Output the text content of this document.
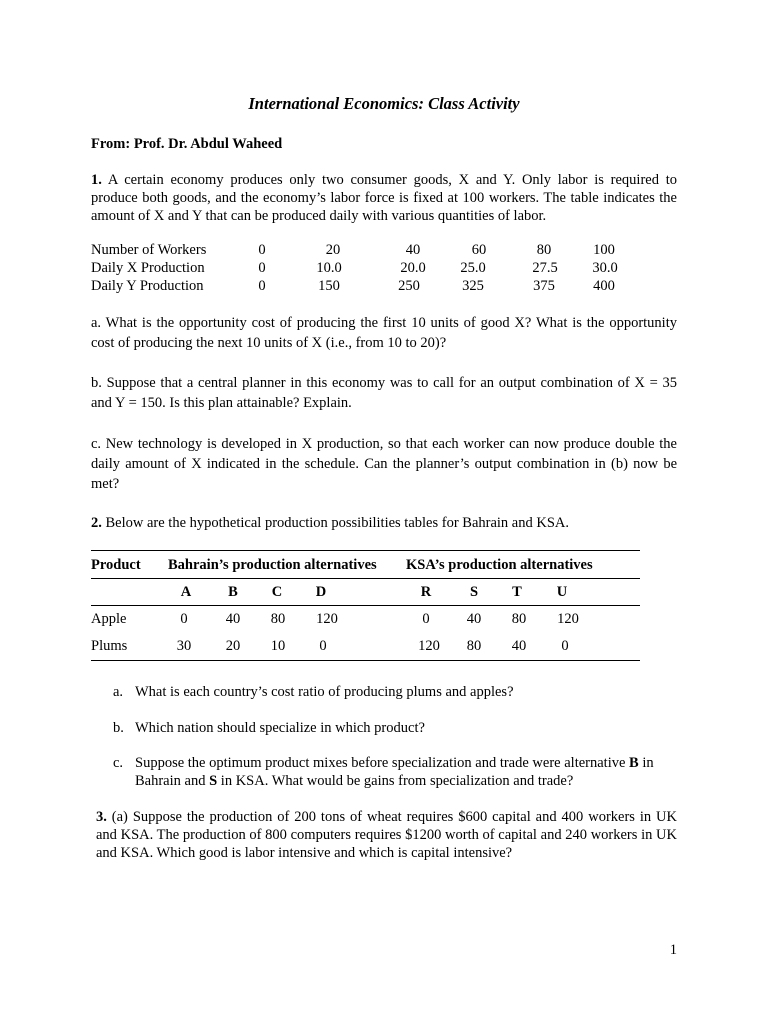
International Economics: Class Activity
From: Prof. Dr. Abdul Waheed
1. A certain economy produces only two consumer goods, X and Y. Only labor is required to produce both goods, and the economy’s labor force is fixed at 100 workers. The table indicates the amount of X and Y that can be produced daily with various quantities of labor.
Number of Workers	0	20	40	60	80	100
Daily X Production	0	10.0	20.0	25.0	27.5	30.0
Daily Y Production	0	150	250	325	375	400
a. What is the opportunity cost of producing the first 10 units of good X? What is the opportunity cost of producing the next 10 units of X (i.e., from 10 to 20)?
b. Suppose that a central planner in this economy was to call for an output combination of X = 35 and Y = 150. Is this plan attainable? Explain.
c. New technology is developed in X production, so that each worker can now produce double the daily amount of X indicated in the schedule. Can the planner’s output combination in (b) now be met?
2. Below are the hypothetical production possibilities tables for Bahrain and KSA.
Product Bahrain’s production alternatives KSA’s production alternatives
A	B	C	D	R	S	T	U
Apple	0	40	80	120	0	40	80	120
Plums	30	20	10	0	120	80	40	0
a. What is each country’s cost ratio of producing plums and apples?
b. Which nation should specialize in which product?
c. Suppose the optimum product mixes before specialization and trade were alternative B in Bahrain and S in KSA. What would be gains from specialization and trade?
3. (a) Suppose the production of 200 tons of wheat requires $600 capital and 400 workers in UK and KSA. The production of 800 computers requires $1200 worth of capital and 240 workers in UK and KSA. Which good is labor intensive and which is capital intensive?
1
